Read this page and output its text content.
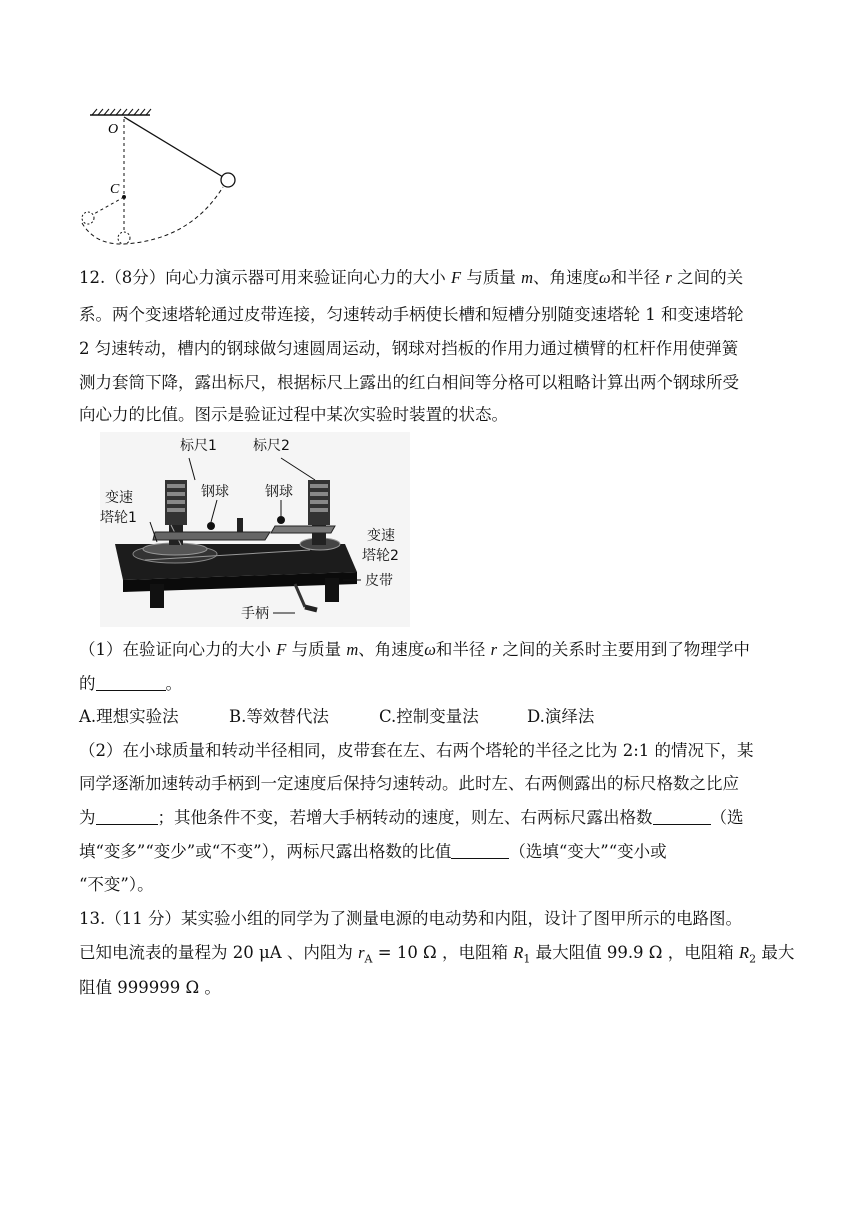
O
C
12.（8分）向心力演示器可用来验证向心力的大小 F 与质量 m、角速度ω和半径 r 之间的关
系。两个变速塔轮通过皮带连接，匀速转动手柄使长槽和短槽分别随变速塔轮 1 和变速塔轮
2 匀速转动，槽内的钢球做匀速圆周运动，钢球对挡板的作用力通过横臂的杠杆作用使弹簧
测力套筒下降，露出标尺，根据标尺上露出的红白相间等分格可以粗略计算出两个钢球所受
向心力的比值。图示是验证过程中某次实验时装置的状态。
标尺1	标尺2
钢球	钢球
变速
塔轮1
变速
塔轮2
皮带
手柄
（1）在验证向心力的大小 F 与质量 m、角速度ω和半径 r 之间的关系时主要用到了物理学中
的	。
A.理想实验法	B.等效替代法	C.控制变量法	D.演绎法
（2）在小球质量和转动半径相同，皮带套在左、右两个塔轮的半径之比为 2:1 的情况下，某
同学逐渐加速转动手柄到一定速度后保持匀速转动。此时左、右两侧露出的标尺格数之比应
为	；其他条件不变，若增大手柄转动的速度，则左、右两标尺露出格数	（选
填“变多”“变少”或“不变”），两标尺露出格数的比值	（选填“变大”“变小或
“不变”）。
13.（11 分）某实验小组的同学为了测量电源的电动势和内阻，设计了图甲所示的电路图。
已知电流表的量程为 20 μA 、内阻为 $r_A = 10$ Ω ，电阻箱 $R_1$ 最大阻值 99.9 Ω ，电阻箱 $R_2$ 最大
阻值 999999 Ω 。
